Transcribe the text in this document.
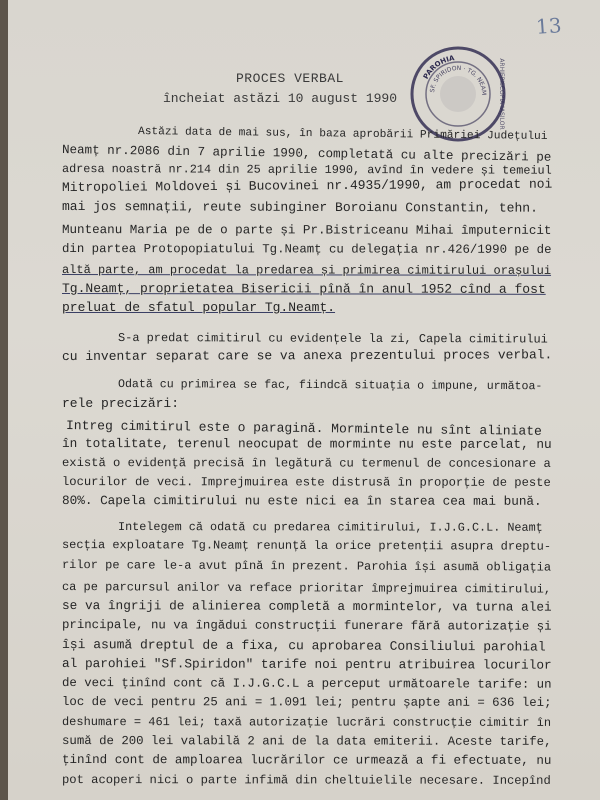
13
PAROHIA
SF. SPIRIDON · TG. NEAM ARHIEPISCOPIA IAȘILOR
PROCES VERBAL
încheiat astăzi 10 august 1990
Astăzi data de mai sus, în baza aprobării Primăriei Județului
Neamț nr.2086 din 7 aprilie 1990, completată cu alte precizări pe
adresa noastră nr.214 din 25 aprilie 1990, avînd în vedere și temeiul
Mitropoliei Moldovei și Bucovinei nr.4935/1990, am procedat noi
mai jos semnații, reute subinginer Boroianu Constantin, tehn.
Munteanu Maria pe de o parte și Pr.Bistriceanu Mihai împuternicit
din partea Protopopiatului Tg.Neamț cu delegația nr.426/1990 pe de
altă parte, am procedat la predarea și primirea cimitirului orașului
Tg.Neamț, proprietatea Bisericii pînă în anul 1952 cînd a fost
preluat de sfatul popular Tg.Neamț.
S-a predat cimitirul cu evidențele la zi, Capela cimitirului
cu inventar separat care se va anexa prezentului proces verbal.
Odată cu primirea se fac, fiindcă situația o impune, următoa-
rele precizări:
Intreg cimitirul este o paragină. Mormintele nu sînt aliniate
în totalitate, terenul neocupat de morminte nu este parcelat, nu
există o evidență precisă în legătură cu termenul de concesionare a
locurilor de veci. Imprejmuirea este distrusă în proporție de peste
80%. Capela cimitirului nu este nici ea în starea cea mai bună.
Intelegem că odată cu predarea cimitirului, I.J.G.C.L. Neamț
secția exploatare Tg.Neamț renunță la orice pretenții asupra dreptu-
rilor pe care le-a avut pînă în prezent. Parohia își asumă obligația
ca pe parcursul anilor va reface prioritar împrejmuirea cimitirului,
se va îngriji de alinierea completă a mormintelor, va turna alei
principale, nu va îngădui construcții funerare fără autorizație și
își asumă dreptul de a fixa, cu aprobarea Consiliului parohial
al parohiei "Sf.Spiridon" tarife noi pentru atribuirea locurilor
de veci ținînd cont că I.J.G.C.L a perceput următoarele tarife: un
loc de veci pentru 25 ani = 1.091 lei; pentru șapte ani = 636 lei;
deshumare = 461 lei; taxă autorizație lucrări construcție cimitir în
sumă de 200 lei valabilă 2 ani de la data emiterii. Aceste tarife,
ținînd cont de amploarea lucrărilor ce urmează a fi efectuate, nu
pot acoperi nici o parte infimă din cheltuielile necesare. Incepînd
